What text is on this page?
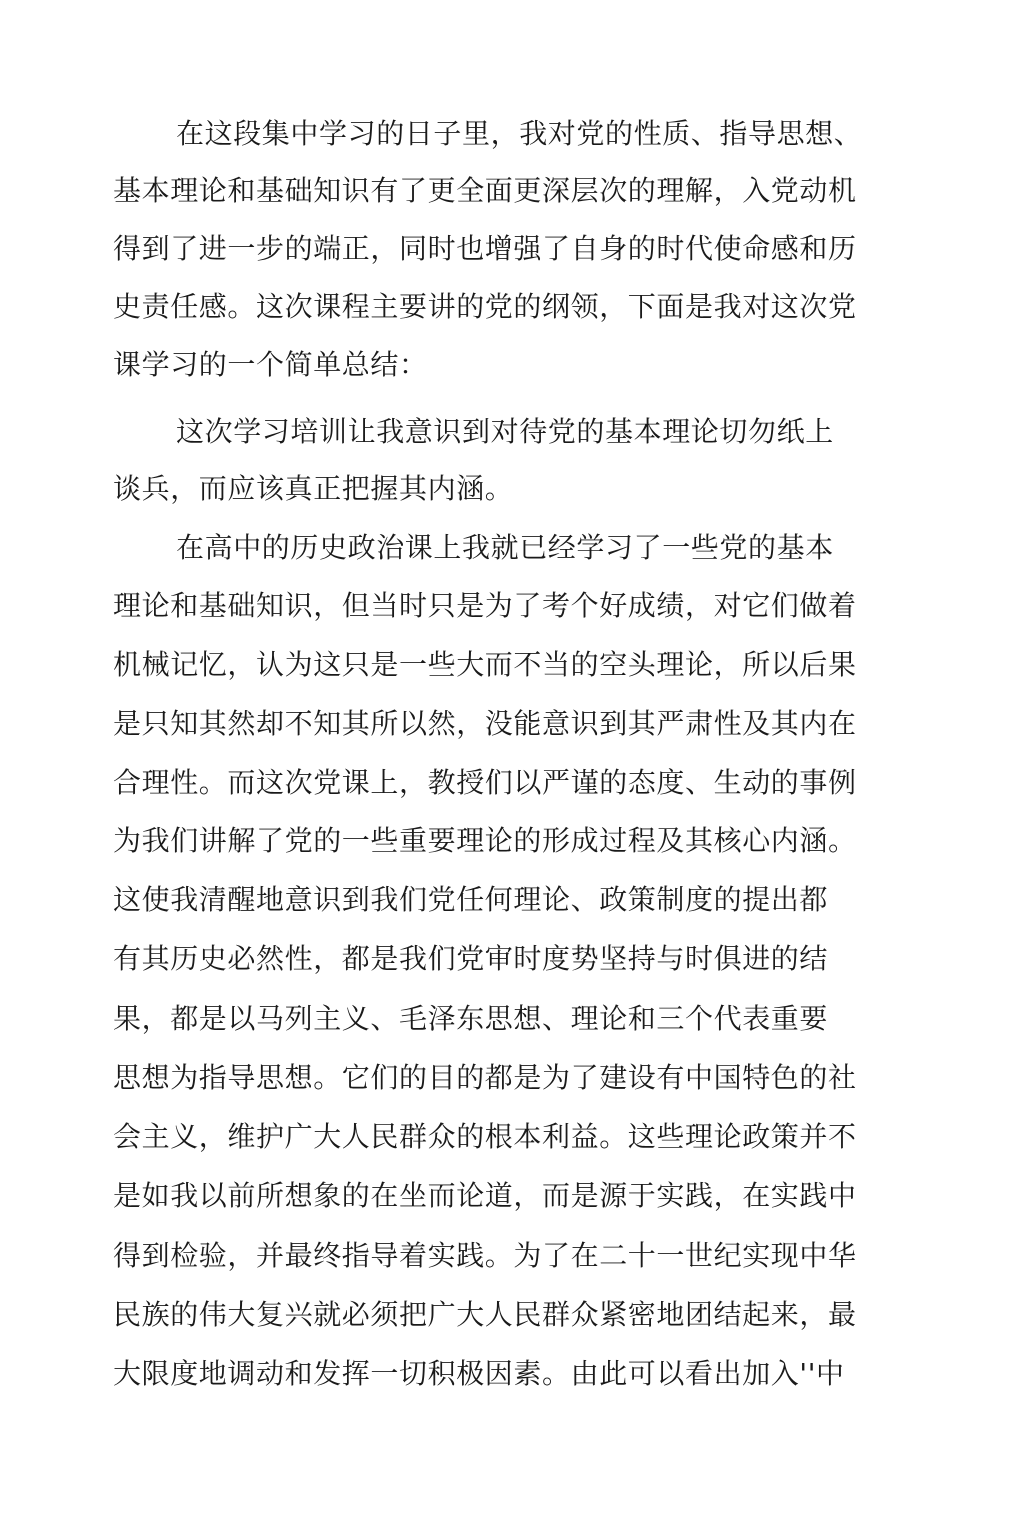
在这段集中学习的日子里，我对党的性质、指导思想、
基本理论和基础知识有了更全面更深层次的理解，入党动机
得到了进一步的端正，同时也增强了自身的时代使命感和历
史责任感。这次课程主要讲的党的纲领，下面是我对这次党
课学习的一个简单总结：
这次学习培训让我意识到对待党的基本理论切勿纸上
谈兵，而应该真正把握其内涵。
在高中的历史政治课上我就已经学习了一些党的基本
理论和基础知识，但当时只是为了考个好成绩，对它们做着
机械记忆，认为这只是一些大而不当的空头理论，所以后果
是只知其然却不知其所以然，没能意识到其严肃性及其内在
合理性。而这次党课上，教授们以严谨的态度、生动的事例
为我们讲解了党的一些重要理论的形成过程及其核心内涵。
这使我清醒地意识到我们党任何理论、政策制度的提出都
有其历史必然性，都是我们党审时度势坚持与时俱进的结
果，都是以马列主义、毛泽东思想、理论和三个代表重要
思想为指导思想。它们的目的都是为了建设有中国特色的社
会主义，维护广大人民群众的根本利益。这些理论政策并不
是如我以前所想象的在坐而论道，而是源于实践，在实践中
得到检验，并最终指导着实践。为了在二十一世纪实现中华
民族的伟大复兴就必须把广大人民群众紧密地团结起来，最
大限度地调动和发挥一切积极因素。由此可以看出加入''中
